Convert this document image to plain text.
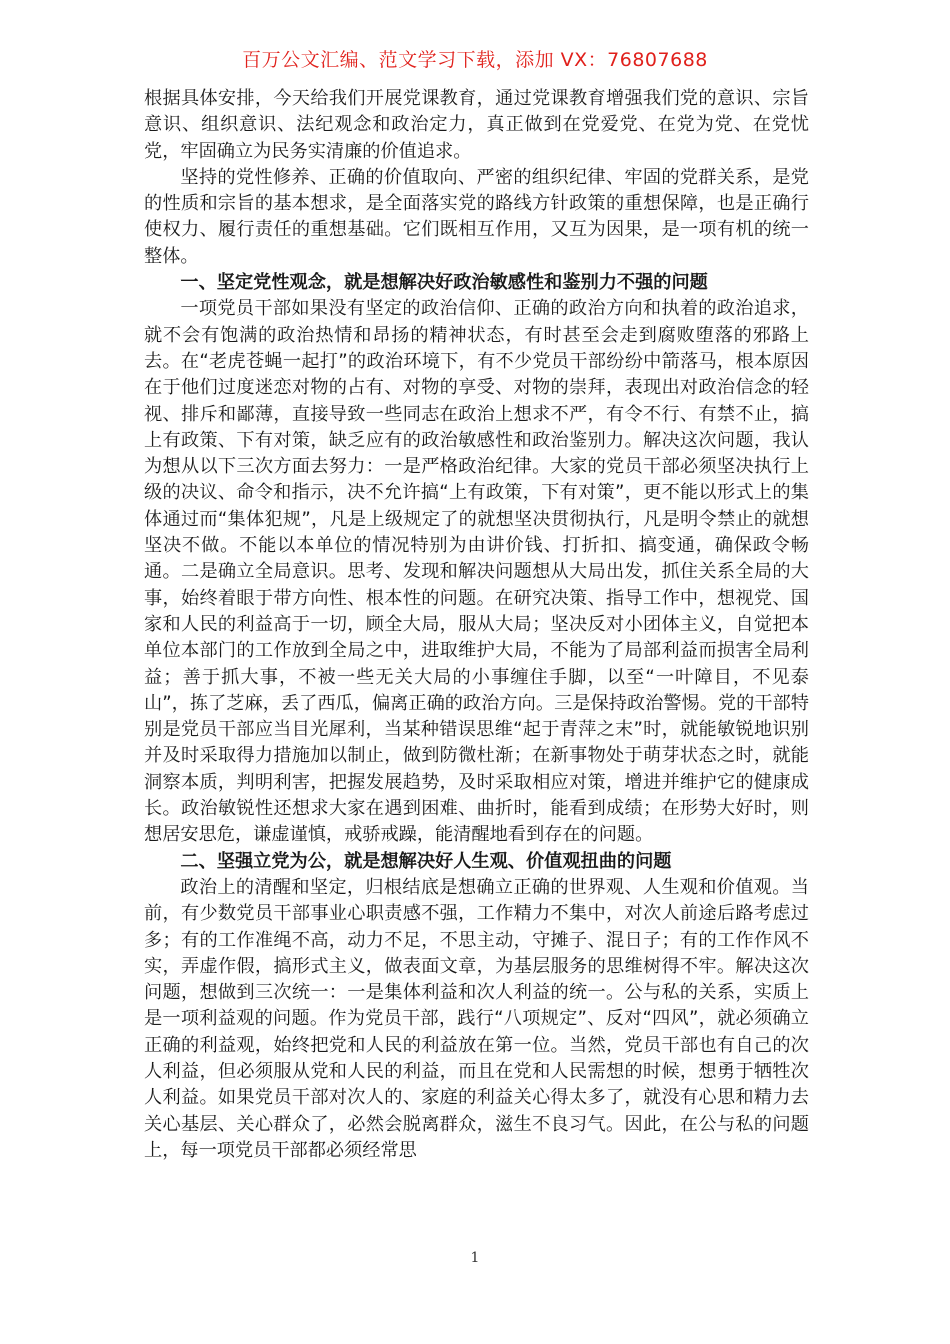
百万公文汇编、范文学习下载，添加 VX：76807688

根据具体安排，今天给我们开展党课教育，通过党课教育增强我们党的意识、宗旨意识、组织意识、法纪观念和政治定力，真正做到在党爱党、在党为党、在党忧党，牢固确立为民务实清廉的价值追求。

坚持的党性修养、正确的价值取向、严密的组织纪律、牢固的党群关系，是党的性质和宗旨的基本想求，是全面落实党的路线方针政策的重想保障，也是正确行使权力、履行责任的重想基础。它们既相互作用，又互为因果，是一项有机的统一整体。

一、坚定党性观念，就是想解决好政治敏感性和鉴别力不强的问题

一项党员干部如果没有坚定的政治信仰、正确的政治方向和执着的政治追求，就不会有饱满的政治热情和昂扬的精神状态，有时甚至会走到腐败堕落的邪路上去。在“老虎苍蝇一起打”的政治环境下，有不少党员干部纷纷中箭落马，根本原因在于他们过度迷恋对物的占有、对物的享受、对物的崇拜，表现出对政治信念的轻视、排斥和鄙薄，直接导致一些同志在政治上想求不严，有令不行、有禁不止，搞上有政策、下有对策，缺乏应有的政治敏感性和政治鉴别力。解决这次问题，我认为想从以下三次方面去努力：一是严格政治纪律。大家的党员干部必须坚决执行上级的决议、命令和指示，决不允许搞“上有政策，下有对策”，更不能以形式上的集体通过而“集体犯规”，凡是上级规定了的就想坚决贯彻执行，凡是明令禁止的就想坚决不做。不能以本单位的情况特别为由讲价钱、打折扣、搞变通，确保政令畅通。二是确立全局意识。思考、发现和解决问题想从大局出发，抓住关系全局的大事，始终着眼于带方向性、根本性的问题。在研究决策、指导工作中，想视党、国家和人民的利益高于一切，顾全大局，服从大局；坚决反对小团体主义，自觉把本单位本部门的工作放到全局之中，进取维护大局，不能为了局部利益而损害全局利益；善于抓大事，不被一些无关大局的小事缠住手脚，以至“一叶障目，不见泰山”，拣了芝麻，丢了西瓜，偏离正确的政治方向。三是保持政治警惕。党的干部特别是党员干部应当目光犀利，当某种错误思维“起于青萍之末”时，就能敏锐地识别并及时采取得力措施加以制止，做到防微杜渐；在新事物处于萌芽状态之时，就能洞察本质，判明利害，把握发展趋势，及时采取相应对策，增进并维护它的健康成长。政治敏锐性还想求大家在遇到困难、曲折时，能看到成绩；在形势大好时，则想居安思危，谦虚谨慎，戒骄戒躁，能清醒地看到存在的问题。

二、坚强立党为公，就是想解决好人生观、价值观扭曲的问题

政治上的清醒和坚定，归根结底是想确立正确的世界观、人生观和价值观。当前，有少数党员干部事业心职责感不强，工作精力不集中，对次人前途后路考虑过多；有的工作准绳不高，动力不足，不思主动，守摊子、混日子；有的工作作风不实，弄虚作假，搞形式主义，做表面文章，为基层服务的思维树得不牢。解决这次问题，想做到三次统一：一是集体利益和次人利益的统一。公与私的关系，实质上是一项利益观的问题。作为党员干部，践行“八项规定”、反对“四风”，就必须确立正确的利益观，始终把党和人民的利益放在第一位。当然，党员干部也有自己的次人利益，但必须服从党和人民的利益，而且在党和人民需想的时候，想勇于牺牲次人利益。如果党员干部对次人的、家庭的利益关心得太多了，就没有心思和精力去关心基层、关心群众了，必然会脱离群众，滋生不良习气。因此，在公与私的问题上，每一项党员干部都必须经常思

1
